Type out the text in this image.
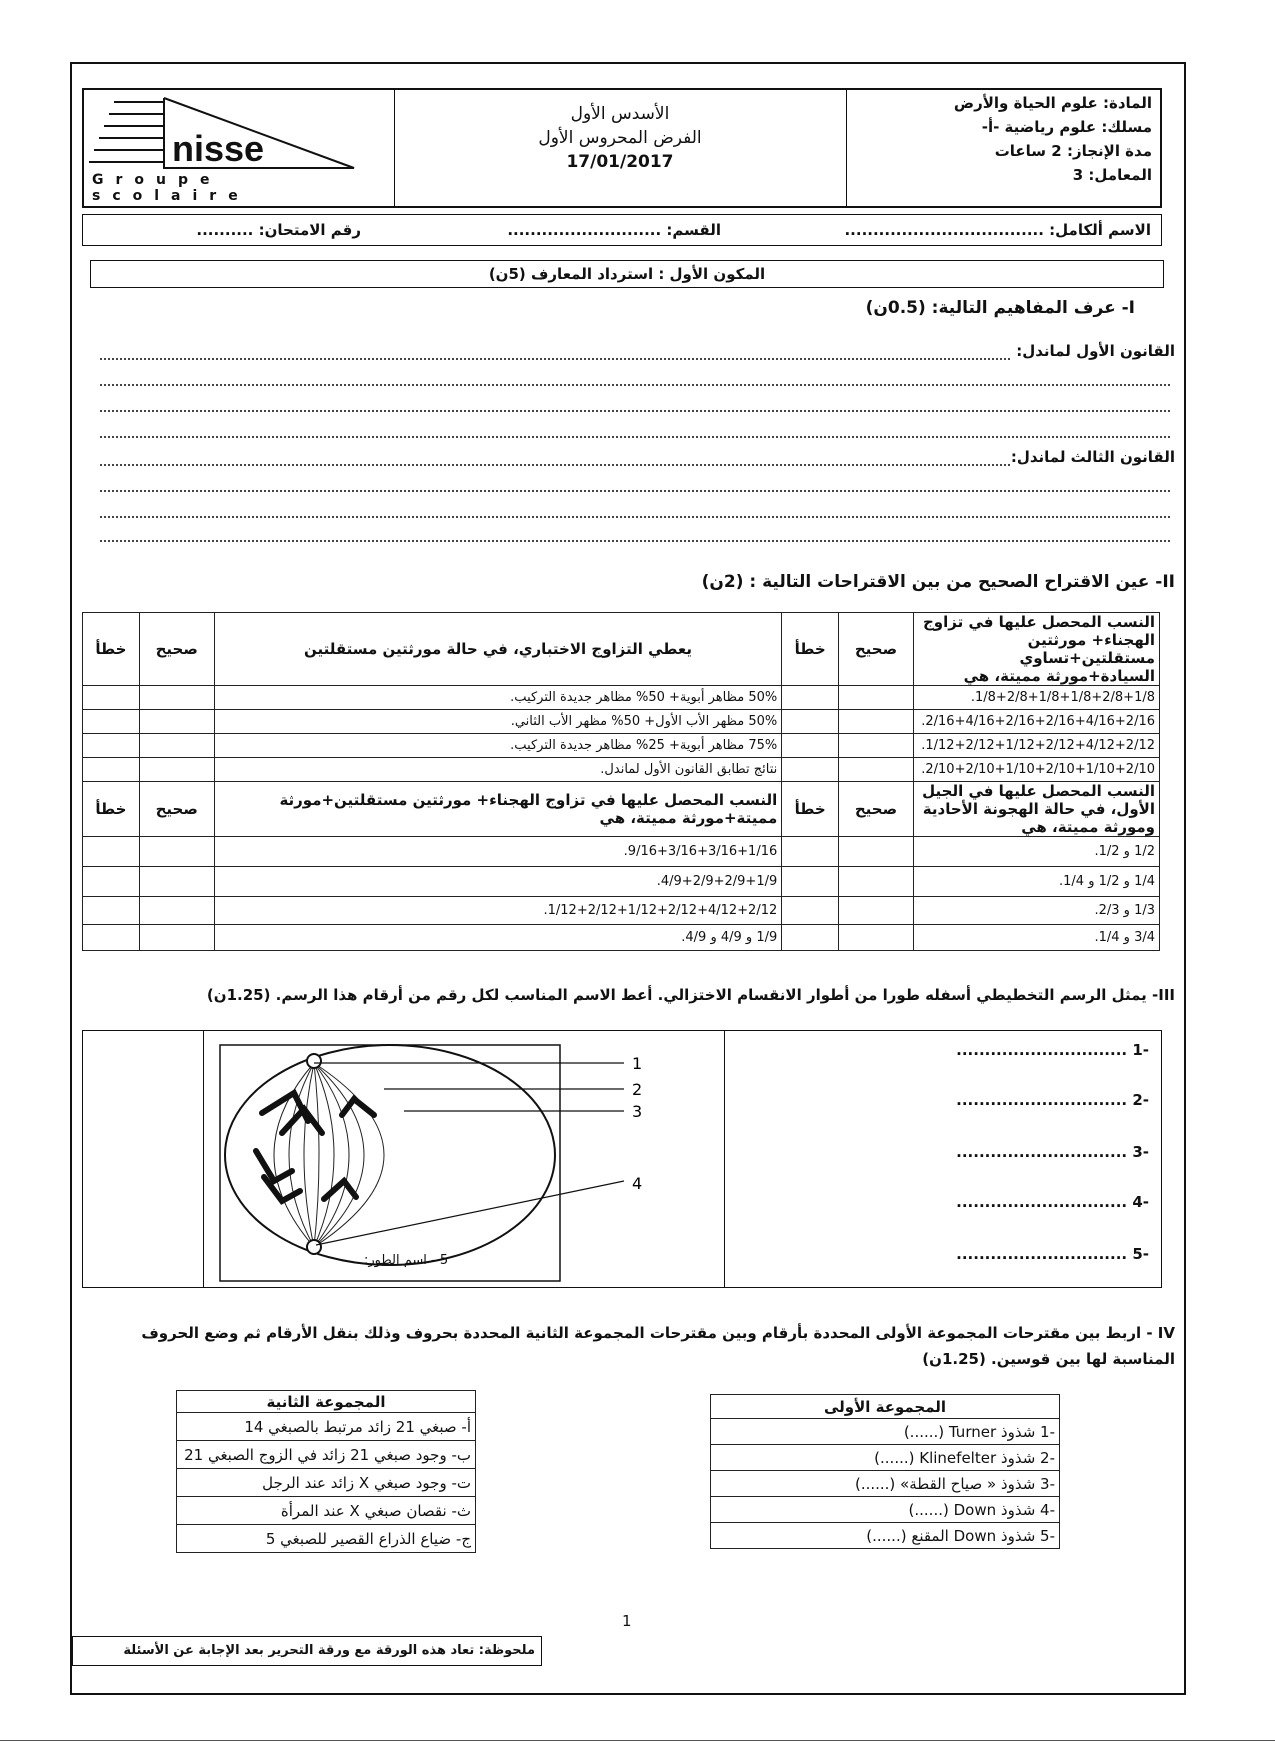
nisse
Groupe scolaire
الأسدس الأول
الفرض المحروس الأول
17/01/2017
المادة: علوم الحياة والأرض
مسلك: علوم رياضية -أ-
مدة الإنجاز: 2 ساعات
المعامل: 3
الاسم ألكامل: ...................................
القسم: ...........................
رقم الامتحان: ..........
المكون الأول : استرداد المعارف (5ن)
I- عرف المفاهيم التالية: (0.5ن)
القانون الأول لماندل:
القانون الثالث لماندل:
II- عين الاقتراح الصحيح من بين الاقتراحات التالية : (2ن)
النسب المحصل عليها في تزاوج الهجناء+ مورثتين مستقلتين+تساوي السيادة+مورثة مميتة، هي	صحيح	خطأ	يعطي التزاوج الاختباري، في حالة مورثتين مستقلتين	صحيح	خطأ
1/8+2/8+1/8+1/8+2/8+1/8.			50% مظاهر أبوية+ 50% مظاهر جديدة التركيب.		
2/16+4/16+2/16+2/16+4/16+2/16.			50% مظهر الأب الأول+ 50% مظهر الأب الثاني.		
1/12+2/12+1/12+2/12+4/12+2/12.			75% مظاهر أبوية+ 25% مظاهر جديدة التركيب.		
2/10+2/10+1/10+2/10+1/10+2/10.			نتائج تطابق القانون الأول لماندل.		
النسب المحصل عليها في الجيل الأول، في حالة الهجونة الأحادية ومورثة مميتة، هي	صحيح	خطأ	النسب المحصل عليها في تزاوج الهجناء+ مورثتين مستقلتين+مورثة مميتة+مورثة مميتة، هي	صحيح	خطأ
1/2 و 1/2.			9/16+3/16+3/16+1/16.		
1/4 و 1/2 و 1/4.			4/9+2/9+2/9+1/9.		
1/3 و 2/3.			1/12+2/12+1/12+2/12+4/12+2/12.		
3/4 و 1/4.			1/9 و 4/9 و 4/9.		
III- يمثل الرسم التخطيطي أسفله طورا من أطوار الانقسام الاختزالي. أعط الاسم المناسب لكل رقم من أرقام هذا الرسم. (1.25ن)
1
2
3
4
5 - اسم الطور:
-1 ..............................
-2 ..............................
-3 ..............................
-4 ..............................
-5 ..............................
IV - اربط بين مقترحات المجموعة الأولى المحددة بأرقام وبين مقترحات المجموعة الثانية المحددة بحروف وذلك بنقل الأرقام ثم وضع الحروف المناسبة لها بين قوسين. (1.25ن)
المجموعة الأولى
-1 شذوذ Turner (......)
-2 شذوذ Klinefelter (......)
-3 شذوذ « صياح القطة» (......)
-4 شذوذ Down (......)
-5 شذوذ Down المقنع (......)
المجموعة الثانية
أ- صبغي 21 زائد مرتبط بالصبغي 14
ب- وجود صبغي 21 زائد في الزوج الصبغي 21
ت- وجود صبغي X زائد عند الرجل
ث- نقصان صبغي X عند المرأة
ج- ضياع الذراع القصير للصبغي 5
1
ملحوظة: تعاد هذه الورقة مع ورقة التحرير بعد الإجابة عن الأسئلة
